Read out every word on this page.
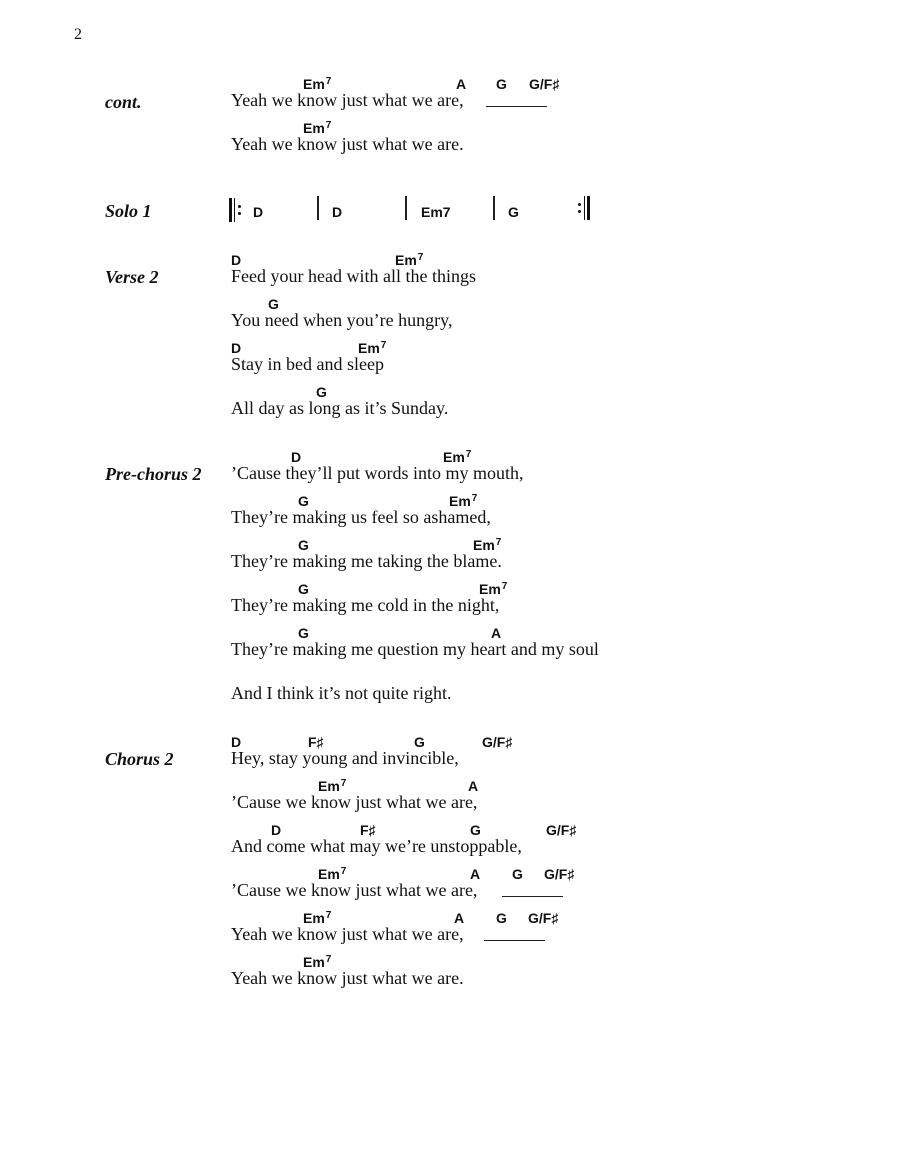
2
cont.
Em$^7$	A G G/F♯
Yeah we know just what we are,
Em$^7$
Yeah we know just what we are.
Solo 1	D	D	Em7	G
Verse 2
D	Em$^7$
Feed your head with all the things
G
You need when you’re hungry,
D	Em$^7$
Stay in bed and sleep
G
All day as long as it’s Sunday.
Pre-chorus 2
D	Em$^7$
’Cause they’ll put words into my mouth,
G	Em$^7$
They’re making us feel so ashamed,
G	Em$^7$
They’re making me taking the blame.
G	Em$^7$
They’re making me cold in the night,
G	A
They’re making me question my heart and my soul
And I think it’s not quite right.
Chorus 2
D	F♯	G	G/F♯
Hey, stay young and invincible,
Em$^7$	A
’Cause we know just what we are,
D	F♯	G	G/F♯
And come what may we’re unstoppable,
Em$^7$	A G G/F♯
’Cause we know just what we are,
Em$^7$	A G G/F♯
Yeah we know just what we are,
Em$^7$
Yeah we know just what we are.
